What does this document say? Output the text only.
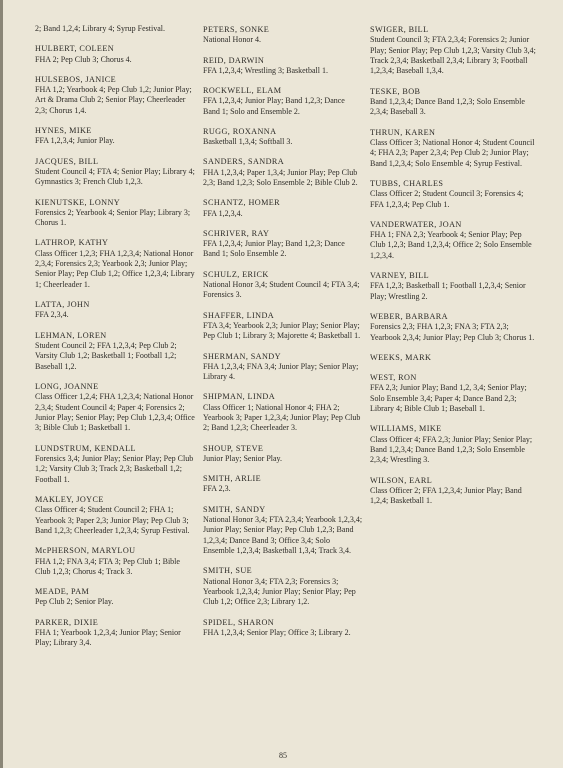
2; Band 1,2,4; Library 4; Syrup Festival.
HULBERT, COLEEN
FHA 2; Pep Club 3; Chorus 4.
HULSEBOS, JANICE
FHA 1,2; Yearbook 4; Pep Club 1,2; Junior Play; Art & Drama Club 2; Senior Play; Cheerleader 2,3; Chorus 1,4.
HYNES, MIKE
FFA 1,2,3,4; Junior Play.
JACQUES, BILL
Student Council 4; FTA 4; Senior Play; Library 4; Gymnastics 3; French Club 1,2,3.
KIENUTSKE, LONNY
Forensics 2; Yearbook 4; Senior Play; Library 3; Chorus 1.
LATHROP, KATHY
Class Officer 1,2,3; FHA 1,2,3,4; National Honor 2,3,4; Forensics 2,3; Yearbook 2,3; Junior Play; Senior Play; Pep Club 1,2; Office 1,2,3,4; Library 1; Cheerleader 1.
LATTA, JOHN
FFA 2,3,4.
LEHMAN, LOREN
Student Council 2; FFA 1,2,3,4; Pep Club 2; Varsity Club 1,2; Basketball 1; Football 1,2; Baseball 1,2.
LONG, JOANNE
Class Officer 1,2,4; FHA 1,2,3,4; National Honor 2,3,4; Student Council 4; Paper 4; Forensics 2; Junior Play; Senior Play; Pep Club 1,2,3,4; Office 3; Bible Club 1; Basketball 1.
LUNDSTRUM, KENDALL
Forensics 3,4; Junior Play; Senior Play; Pep Club 1,2; Varsity Club 3; Track 2,3; Basketball 1,2; Football 1.
MAKLEY, JOYCE
Class Officer 4; Student Council 2; FHA 1; Yearbook 3; Paper 2,3; Junior Play; Pep Club 3; Band 1,2,3; Cheerleader 1,2,3,4; Syrup Festival.
McPHERSON, MARYLOU
FHA 1,2; FNA 3,4; FTA 3; Pep Club 1; Bible Club 1,2,3; Chorus 4; Track 3.
MEADE, PAM
Pep Club 2; Senior Play.
PARKER, DIXIE
FHA 1; Yearbook 1,2,3,4; Junior Play; Senior Play; Library 3,4.
PETERS, SONKE
National Honor 4.
REID, DARWIN
FFA 1,2,3,4; Wrestling 3; Basketball 1.
ROCKWELL, ELAM
FFA 1,2,3,4; Junior Play; Band 1,2,3; Dance Band 1; Solo and Ensemble 2.
RUGG, ROXANNA
Basketball 1,3,4; Softball 3.
SANDERS, SANDRA
FHA 1,2,3,4; Paper 1,3,4; Junior Play; Pep Club 2,3; Band 1,2,3; Solo Ensemble 2; Bible Club 2.
SCHANTZ, HOMER
FFA 1,2,3,4.
SCHRIVER, RAY
FFA 1,2,3,4; Junior Play; Band 1,2,3; Dance Band 1; Solo Ensemble 2.
SCHULZ, ERICK
National Honor 3,4; Student Council 4; FTA 3,4; Forensics 3.
SHAFFER, LINDA
FTA 3,4; Yearbook 2,3; Junior Play; Senior Play; Pep Club 1; Library 3; Majorette 4; Basketball 1.
SHERMAN, SANDY
FHA 1,2,3,4; FNA 3,4; Junior Play; Senior Play; Library 4.
SHIPMAN, LINDA
Class Officer 1; National Honor 4; FHA 2; Yearbook 3; Paper 1,2,3,4; Junior Play; Pep Club 2; Band 1,2,3; Cheerleader 3.
SHOUP, STEVE
Junior Play; Senior Play.
SMITH, ARLIE
FFA 2,3.
SMITH, SANDY
National Honor 3,4; FTA 2,3,4; Yearbook 1,2,3,4; Junior Play; Senior Play; Pep Club 1,2,3; Band 1,2,3,4; Dance Band 3; Office 3,4; Solo Ensemble 1,2,3,4; Basketball 1,3,4; Track 3,4.
SMITH, SUE
National Honor 3,4; FTA 2,3; Forensics 3; Yearbook 1,2,3,4; Junior Play; Senior Play; Pep Club 1,2; Office 2,3; Library 1,2.
SPIDEL, SHARON
FHA 1,2,3,4; Senior Play; Office 3; Library 2.
SWIGER, BILL
Student Council 3; FTA 2,3,4; Forensics 2; Junior Play; Senior Play; Pep Club 1,2,3; Varsity Club 3,4; Track 2,3,4; Basketball 2,3,4; Library 3; Football 1,2,3,4; Baseball 1,3,4.
TESKE, BOB
Band 1,2,3,4; Dance Band 1,2,3; Solo Ensemble 2,3,4; Baseball 3.
THRUN, KAREN
Class Officer 3; National Honor 4; Student Council 4; FHA 2,3; Paper 2,3,4; Pep Club 2; Junior Play; Band 1,2,3,4; Solo Ensemble 4; Syrup Festival.
TUBBS, CHARLES
Class Officer 2; Student Council 3; Forensics 4; FFA 1,2,3,4; Pep Club 1.
VANDERWATER, JOAN
FHA 1; FNA 2,3; Yearbook 4; Senior Play; Pep Club 1,2,3; Band 1,2,3,4; Office 2; Solo Ensemble 1,2,3,4.
VARNEY, BILL
FFA 1,2,3; Basketball 1; Football 1,2,3,4; Senior Play; Wrestling 2.
WEBER, BARBARA
Forensics 2,3; FHA 1,2,3; FNA 3; FTA 2,3; Yearbook 2,3,4; Junior Play; Pep Club 3; Chorus 1.
WEEKS, MARK
WEST, RON
FFA 2,3; Junior Play; Band 1,2, 3,4; Senior Play; Solo Ensemble 3,4; Paper 4; Dance Band 2,3; Library 4; Bible Club 1; Baseball 1.
WILLIAMS, MIKE
Class Officer 4; FFA 2,3; Junior Play; Senior Play; Band 1,2,3,4; Dance Band 1,2,3; Solo Ensemble 2,3,4; Wrestling 3.
WILSON, EARL
Class Officer 2; FFA 1,2,3,4; Junior Play; Band 1,2,4; Basketball 1.
85
